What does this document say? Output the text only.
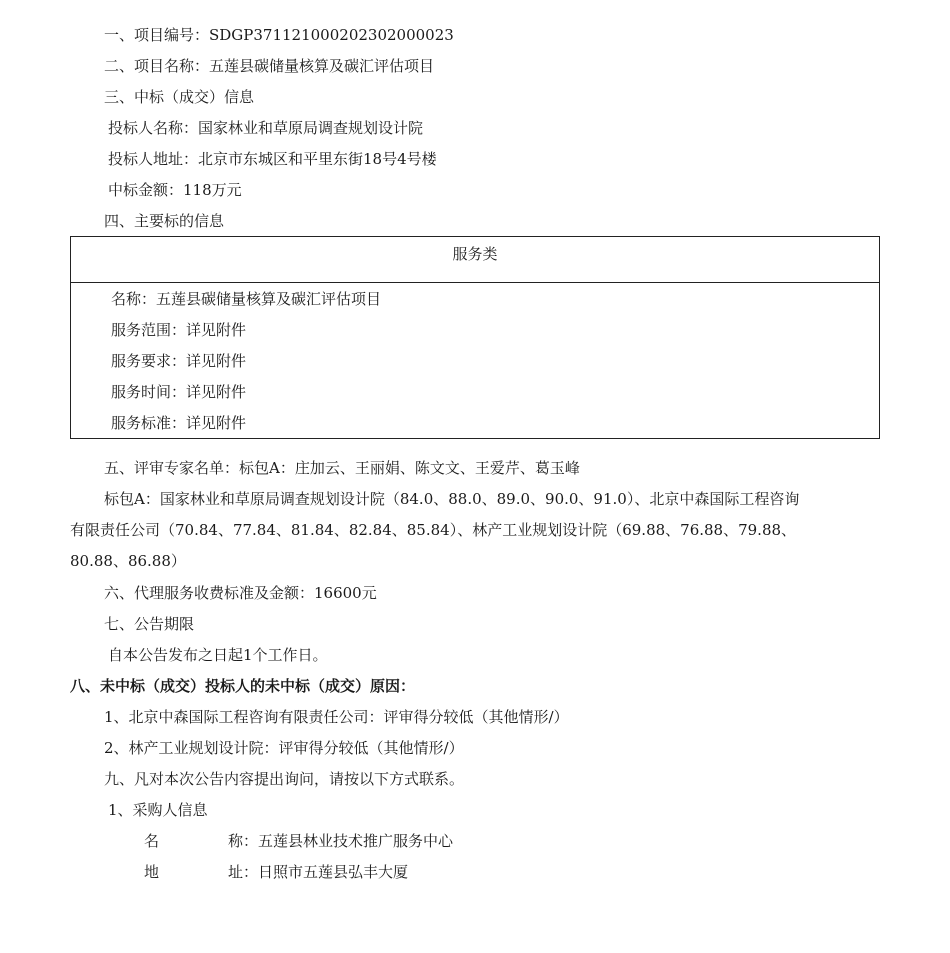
一、项目编号：SDGP371121000202302000023
二、项目名称：五莲县碳储量核算及碳汇评估项目
三、中标（成交）信息
投标人名称：国家林业和草原局调查规划设计院
投标人地址：北京市东城区和平里东街18号4号楼
中标金额：118万元
四、主要标的信息
服务类
名称：五莲县碳储量核算及碳汇评估项目
服务范围：详见附件
服务要求：详见附件
服务时间：详见附件
服务标准：详见附件
五、评审专家名单：标包A：庄加云、王丽娟、陈文文、王爱芹、葛玉峰
标包A：国家林业和草原局调查规划设计院（84.0、88.0、89.0、90.0、91.0）、北京中森国际工程咨询
有限责任公司（70.84、77.84、81.84、82.84、85.84）、林产工业规划设计院（69.88、76.88、79.88、
80.88、86.88）
六、代理服务收费标准及金额：16600元
七、公告期限
自本公告发布之日起1个工作日。
八、未中标（成交）投标人的未中标（成交）原因：
1、北京中森国际工程咨询有限责任公司：评审得分较低（其他情形/）
2、林产工业规划设计院：评审得分较低（其他情形/）
九、凡对本次公告内容提出询问，请按以下方式联系。
1、采购人信息
名	称：五莲县林业技术推广服务中心
地	址：日照市五莲县弘丰大厦
